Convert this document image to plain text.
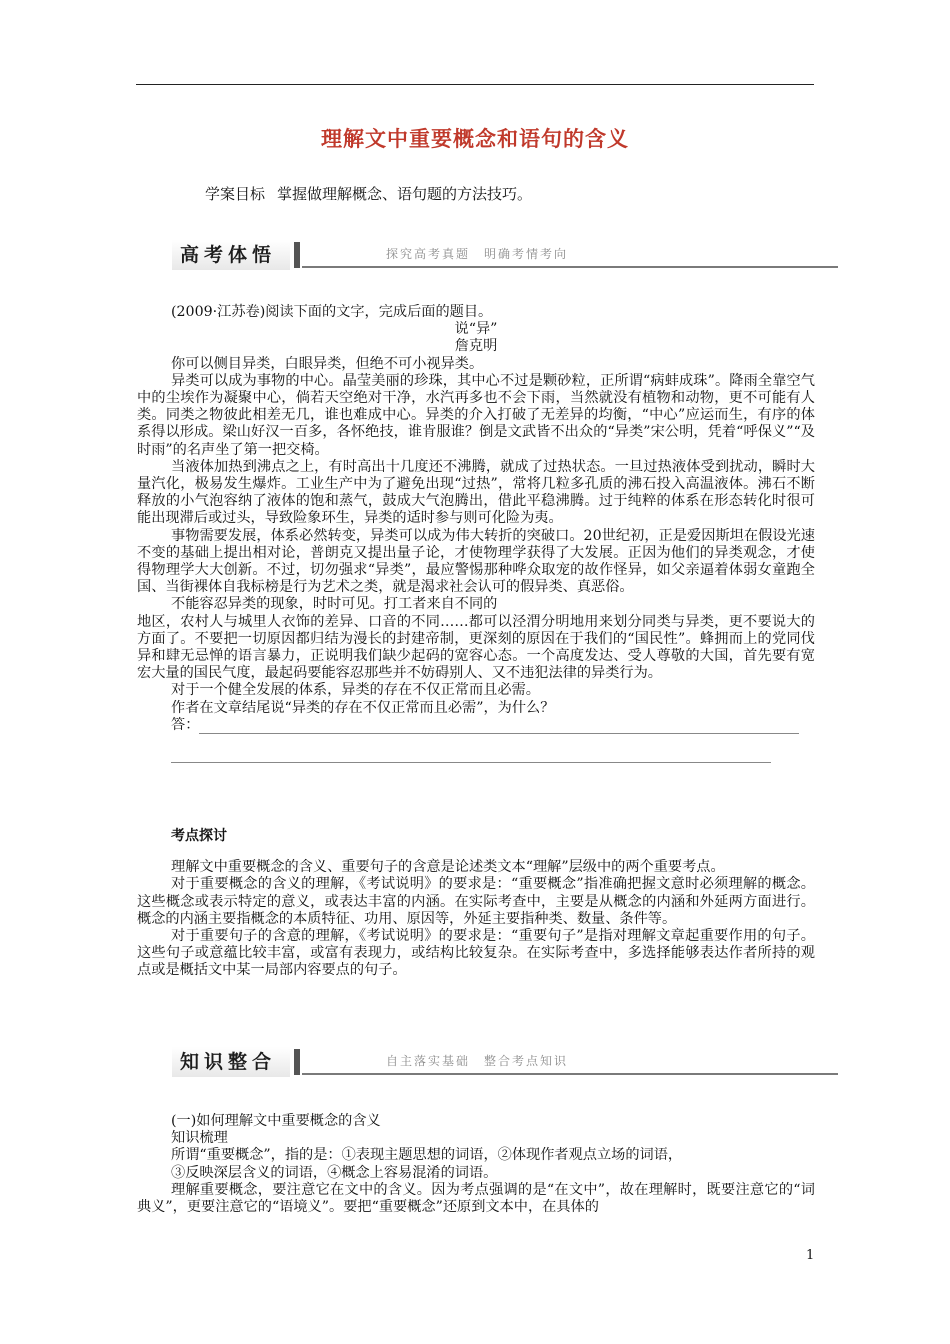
理解文中重要概念和语句的含义
学案目标 掌握做理解概念、语句题的方法技巧。
高考体悟	探究高考真题 明确考情考向

(2009·江苏卷)阅读下面的文字，完成后面的题目。

说“异”

詹克明

你可以侧目异类，白眼异类，但绝不可小视异类。

异类可以成为事物的中心。晶莹美丽的珍珠，其中心不过是颗砂粒，正所谓“病蚌成珠”。降雨全靠空气中的尘埃作为凝聚中心，倘若天空绝对干净，水汽再多也不会下雨，当然就没有植物和动物，更不可能有人类。同类之物彼此相差无几，谁也难成中心。异类的介入打破了无差异的均衡，“中心”应运而生，有序的体系得以形成。梁山好汉一百多，各怀绝技，谁肯服谁？倒是文武皆不出众的“异类”宋公明，凭着“呼保义”“及时雨”的名声坐了第一把交椅。

当液体加热到沸点之上，有时高出十几度还不沸腾，就成了过热状态。一旦过热液体受到扰动，瞬时大量汽化，极易发生爆炸。工业生产中为了避免出现“过热”，常将几粒多孔质的沸石投入高温液体。沸石不断释放的小气泡容纳了液体的饱和蒸气，鼓成大气泡腾出，借此平稳沸腾。过于纯粹的体系在形态转化时很可能出现滞后或过头，导致险象环生，异类的适时参与则可化险为夷。

事物需要发展，体系必然转变，异类可以成为伟大转折的突破口。20世纪初，正是爱因斯坦在假设光速不变的基础上提出相对论，普朗克又提出量子论，才使物理学获得了大发展。正因为他们的异类观念，才使得物理学大大创新。不过，切勿强求“异类”，最应警惕那种哗众取宠的故作怪异，如父亲逼着体弱女童跑全国、当街裸体自我标榜是行为艺术之类，就是渴求社会认可的假异类、真恶俗。

不能容忍异类的现象，时时可见。打工者来自不同的

地区，农村人与城里人衣饰的差异、口音的不同……都可以泾渭分明地用来划分同类与异类，更不要说大的方面了。不要把一切原因都归结为漫长的封建帝制，更深刻的原因在于我们的“国民性”。蜂拥而上的党同伐异和肆无忌惮的语言暴力，正说明我们缺少起码的宽容心态。一个高度发达、受人尊敬的大国，首先要有宽宏大量的国民气度，最起码要能容忍那些并不妨碍别人、又不违犯法律的异类行为。

对于一个健全发展的体系，异类的存在不仅正常而且必需。

作者在文章结尾说“异类的存在不仅正常而且必需”，为什么？

答：

考点探讨

理解文中重要概念的含义、重要句子的含意是论述类文本“理解”层级中的两个重要考点。

对于重要概念的含义的理解，《考试说明》的要求是：“重要概念”指准确把握文意时必须理解的概念。这些概念或表示特定的意义，或表达丰富的内涵。在实际考查中，主要是从概念的内涵和外延两方面进行。概念的内涵主要指概念的本质特征、功用、原因等，外延主要指种类、数量、条件等。

对于重要句子的含意的理解，《考试说明》的要求是：“重要句子”是指对理解文章起重要作用的句子。这些句子或意蕴比较丰富，或富有表现力，或结构比较复杂。在实际考查中，多选择能够表达作者所持的观点或是概括文中某一局部内容要点的句子。

知识整合	自主落实基础 整合考点知识

(一)如何理解文中重要概念的含义

知识梳理

所谓“重要概念”，指的是：①表现主题思想的词语，②体现作者观点立场的词语，

③反映深层含义的词语，④概念上容易混淆的词语。

理解重要概念，要注意它在文中的含义。因为考点强调的是“在文中”，故在理解时，既要注意它的“词典义”，更要注意它的“语境义”。要把“重要概念”还原到文本中，在具体的

1
